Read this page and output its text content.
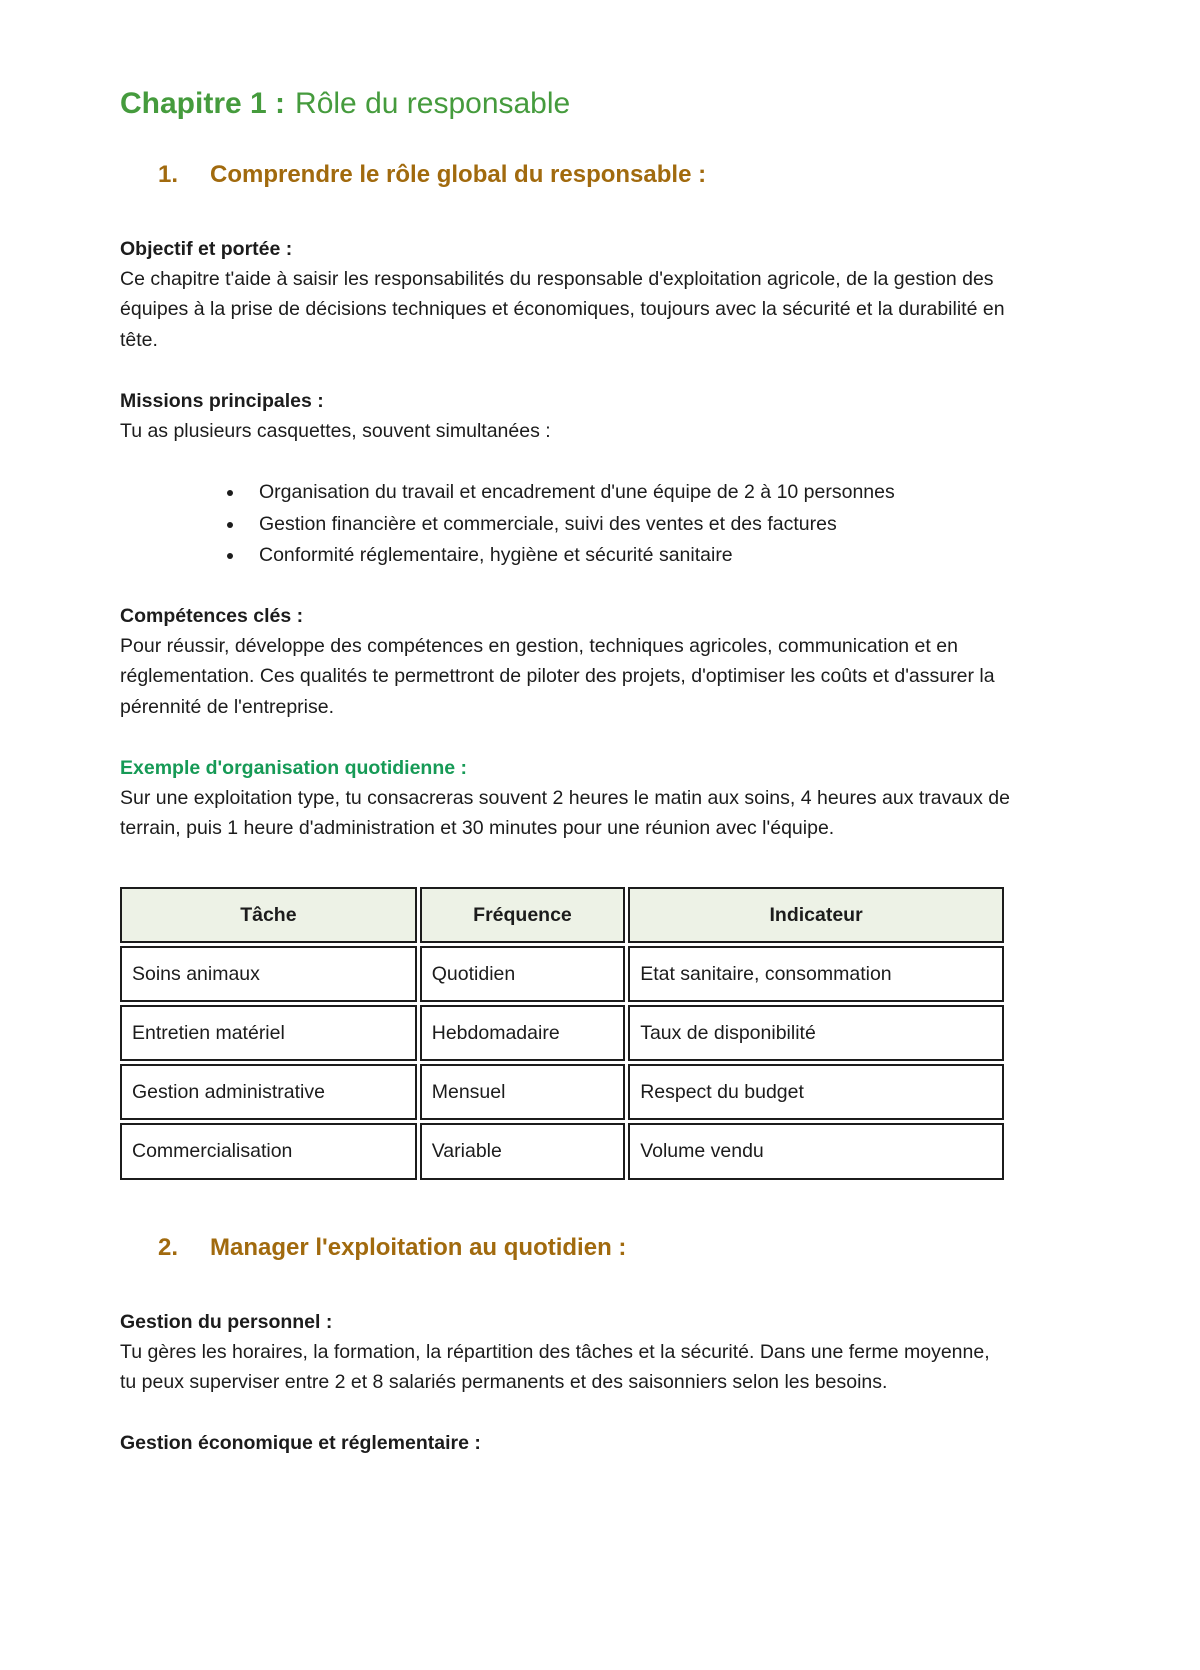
Chapitre 1 : Rôle du responsable
1. Comprendre le rôle global du responsable :

Objectif et portée :

Ce chapitre t'aide à saisir les responsabilités du responsable d'exploitation agricole, de la gestion des équipes à la prise de décisions techniques et économiques, toujours avec la sécurité et la durabilité en tête.

Missions principales :

Tu as plusieurs casquettes, souvent simultanées :

• Organisation du travail et encadrement d'une équipe de 2 à 10 personnes
• Gestion financière et commerciale, suivi des ventes et des factures
• Conformité réglementaire, hygiène et sécurité sanitaire

Compétences clés :

Pour réussir, développe des compétences en gestion, techniques agricoles, communication et en réglementation. Ces qualités te permettront de piloter des projets, d'optimiser les coûts et d'assurer la pérennité de l'entreprise.

Exemple d'organisation quotidienne :

Sur une exploitation type, tu consacreras souvent 2 heures le matin aux soins, 4 heures aux travaux de terrain, puis 1 heure d'administration et 30 minutes pour une réunion avec l'équipe.

Tâche	Fréquence	Indicateur
Soins animaux	Quotidien	Etat sanitaire, consommation
Entretien matériel	Hebdomadaire	Taux de disponibilité
Gestion administrative	Mensuel	Respect du budget
Commercialisation	Variable	Volume vendu
2. Manager l'exploitation au quotidien :

Gestion du personnel :

Tu gères les horaires, la formation, la répartition des tâches et la sécurité. Dans une ferme moyenne, tu peux superviser entre 2 et 8 salariés permanents et des saisonniers selon les besoins.

Gestion économique et réglementaire :
